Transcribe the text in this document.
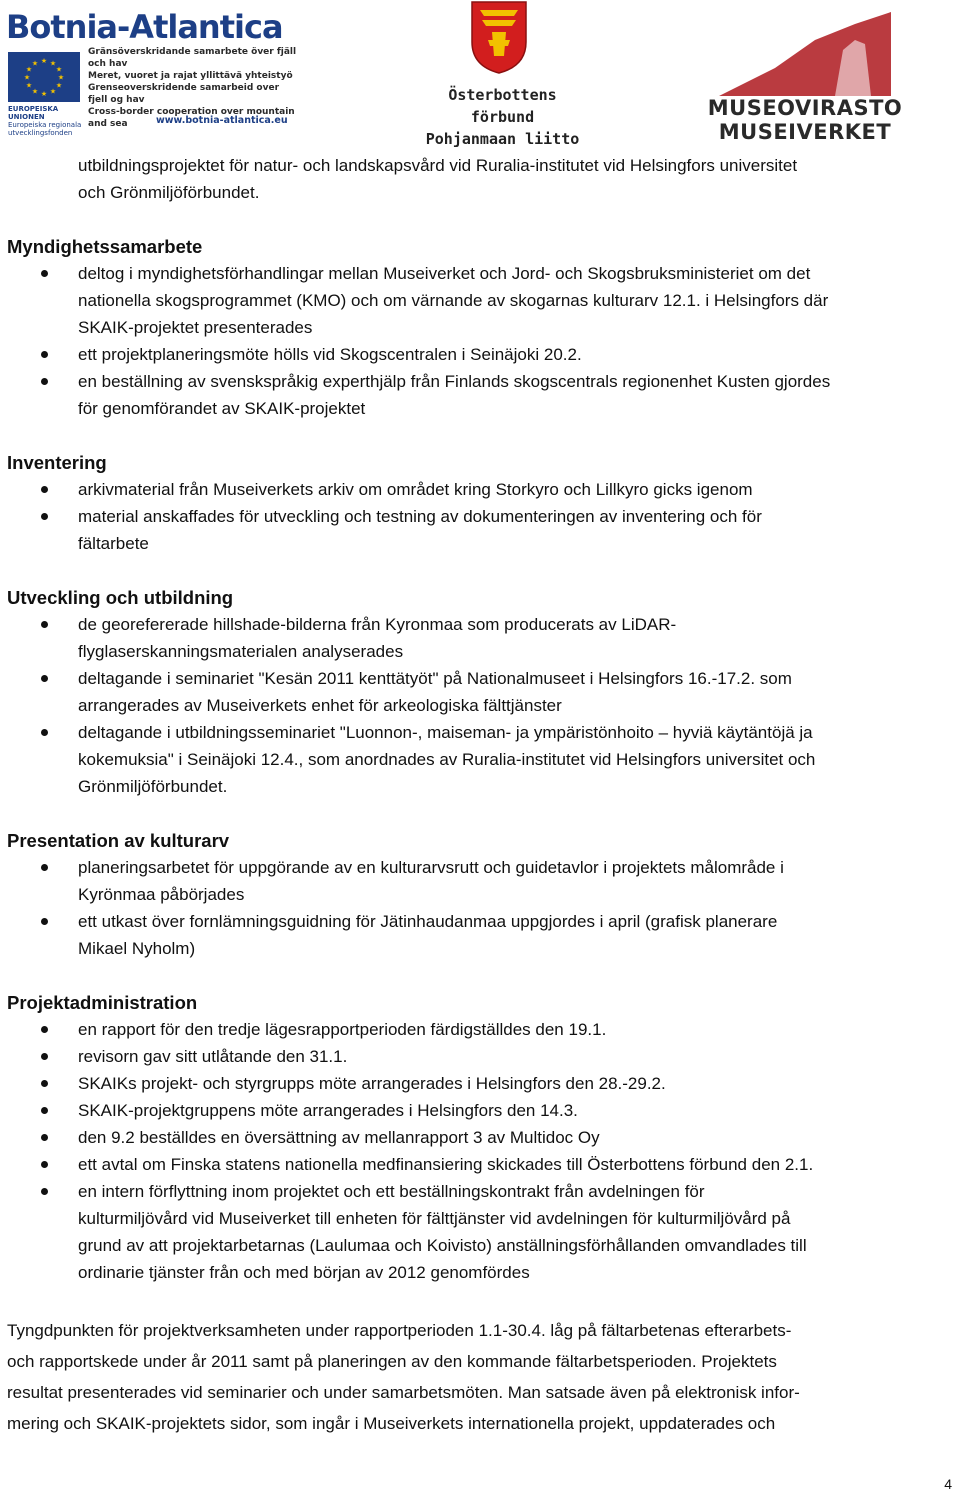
Botnia-Atlantica
★ ★
★
★
★
★
★
★
★
★
★
★
EUROPEISKA UNIONEN
Europeiska regionala
utvecklingsfonden
Gränsöverskridande samarbete över fjäll och hav
Meret, vuoret ja rajat yllittävä yhteistyö
Grenseoverskridende samarbeid over fjell og hav
Cross-border cooperation over mountain and sea	www.botnia-atlantica.eu
Österbottens förbund
Pohjanmaan liitto
MUSEOVIRASTO
MUSEIVERKET

utbildningsprojektet för natur- och landskapsvård vid Ruralia-institutet vid Helsingfors universitet

och Grönmiljöförbundet.

Myndighetssamarbete

deltog i myndighetsförhandlingar mellan Museiverket och Jord- och Skogsbruksministeriet om det
nationella skogsprogrammet (KMO) och om värnande av skogarnas kulturarv 12.1. i Helsingfors där
SKAIK-projektet presenterades
ett projektplaneringsmöte hölls vid Skogscentralen i Seinäjoki 20.2.
en beställning av svenskspråkig experthjälp från Finlands skogscentrals regionenhet Kusten gjordes
för genomförandet av SKAIK-projektet

Inventering

arkivmaterial från Museiverkets arkiv om området kring Storkyro och Lillkyro gicks igenom
material anskaffades för utveckling och testning av dokumenteringen av inventering och för
fältarbete

Utveckling och utbildning

de georefererade hillshade-bilderna från Kyronmaa som producerats av LiDAR-
flyglaserskanningsmaterialen analyserades
deltagande i seminariet "Kesän 2011 kenttätyöt" på Nationalmuseet i Helsingfors 16.-17.2. som
arrangerades av Museiverkets enhet för arkeologiska fälttjänster
deltagande i utbildningsseminariet "Luonnon-, maiseman- ja ympäristönhoito – hyviä käytäntöjä ja
kokemuksia" i Seinäjoki 12.4., som anordnades av Ruralia-institutet vid Helsingfors universitet och
Grönmiljöförbundet.

Presentation av kulturarv

planeringsarbetet för uppgörande av en kulturarvsrutt och guidetavlor i projektets målområde i
Kyrönmaa påbörjades
ett utkast över fornlämningsguidning för Jätinhaudanmaa uppgjordes i april (grafisk planerare
Mikael Nyholm)

Projektadministration

en rapport för den tredje lägesrapportperioden färdigställdes den 19.1.
revisorn gav sitt utlåtande den 31.1.
SKAIKs projekt- och styrgrupps möte arrangerades i Helsingfors den 28.-29.2.
SKAIK-projektgruppens möte arrangerades i Helsingfors den 14.3.
den 9.2 beställdes en översättning av mellanrapport 3 av Multidoc Oy
ett avtal om Finska statens nationella medfinansiering skickades till Österbottens förbund den 2.1.
en intern förflyttning inom projektet och ett beställningskontrakt från avdelningen för
kulturmiljövård vid Museiverket till enheten för fälttjänster vid avdelningen för kulturmiljövård på
grund av att projektarbetarnas (Laulumaa och Koivisto) anställningsförhållanden omvandlades till
ordinarie tjänster från och med början av 2012 genomfördes

Tyngdpunkten för projektverksamheten under rapportperioden 1.1-30.4. låg på fältarbetenas efterarbets-

och rapportskede under år 2011 samt på planeringen av den kommande fältarbetsperioden. Projektets

resultat presenterades vid seminarier och under samarbetsmöten. Man satsade även på elektronisk infor-

mering och SKAIK-projektets sidor, som ingår i Museiverkets internationella projekt, uppdaterades och

4
